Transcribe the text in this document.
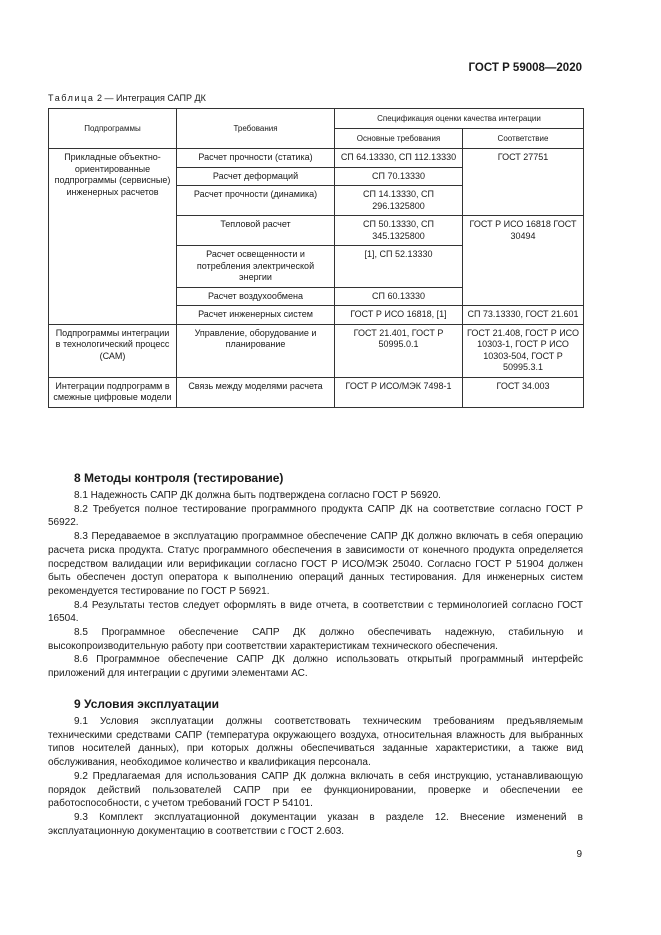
ГОСТ Р 59008—2020
Таблица 2 — Интеграция САПР ДК
Подпрограммы	Требования	Спецификация оценки качества интеграции	
		Основные требования	Соответствие
Прикладные объектно-ориентированные подпрограммы (сервисные) инженерных расчетов	Расчет прочности (статика)	СП 64.13330, СП 112.13330	ГОСТ 27751
	Расчет деформаций	СП 70.13330	
	Расчет прочности (динамика)	СП 14.13330, СП 296.1325800	
	Тепловой расчет	СП 50.13330, СП 345.1325800	ГОСТ Р ИСО 16818 ГОСТ 30494
	Расчет освещенности и потребления электрической энергии	[1], СП 52.13330	
	Расчет воздухообмена	СП 60.13330	
	Расчет инженерных систем	ГОСТ Р ИСО 16818, [1]	СП 73.13330, ГОСТ 21.601
Подпрограммы интеграции в технологический процесс (САМ)	Управление, оборудование и планирование	ГОСТ 21.401, ГОСТ Р 50995.0.1	ГОСТ 21.408, ГОСТ Р ИСО 10303-1, ГОСТ Р ИСО 10303-504, ГОСТ Р 50995.3.1
Интеграции подпрограмм в смежные цифровые модели	Связь между моделями расчета	ГОСТ Р ИСО/МЭК 7498-1	ГОСТ 34.003
8 Методы контроля (тестирование)

8.1 Надежность САПР ДК должна быть подтверждена согласно ГОСТ Р 56920.

8.2 Требуется полное тестирование программного продукта САПР ДК на соответствие согласно ГОСТ Р 56922.

8.3 Передаваемое в эксплуатацию программное обеспечение САПР ДК должно включать в себя операцию расчета риска продукта. Статус программного обеспечения в зависимости от конечного продукта определяется посредством валидации или верификации согласно ГОСТ Р ИСО/МЭК 25040. Согласно ГОСТ Р 51904 должен быть обеспечен доступ оператора к выполнению операций данных тестирования. Для инженерных систем рекомендуется тестирование по ГОСТ Р 56921.

8.4 Результаты тестов следует оформлять в виде отчета, в соответствии с терминологией согласно ГОСТ 16504.

8.5 Программное обеспечение САПР ДК должно обеспечивать надежную, стабильную и высокопроизводительную работу при соответствии характеристикам технического обеспечения.

8.6 Программное обеспечение САПР ДК должно использовать открытый программный интерфейс приложений для интеграции с другими элементами АС.

9 Условия эксплуатации

9.1 Условия эксплуатации должны соответствовать техническим требованиям предъявляемым техническими средствами САПР (температура окружающего воздуха, относительная влажность для выбранных типов носителей данных), при которых должны обеспечиваться заданные характеристики, а также вид обслуживания, необходимое количество и квалификация персонала.

9.2 Предлагаемая для использования САПР ДК должна включать в себя инструкцию, устанавливающую порядок действий пользователей САПР при ее функционировании, проверке и обеспечении ее работоспособности, с учетом требований ГОСТ Р 54101.

9.3 Комплект эксплуатационной документации указан в разделе 12. Внесение изменений в эксплуатационную документацию в соответствии с ГОСТ 2.603.

9
